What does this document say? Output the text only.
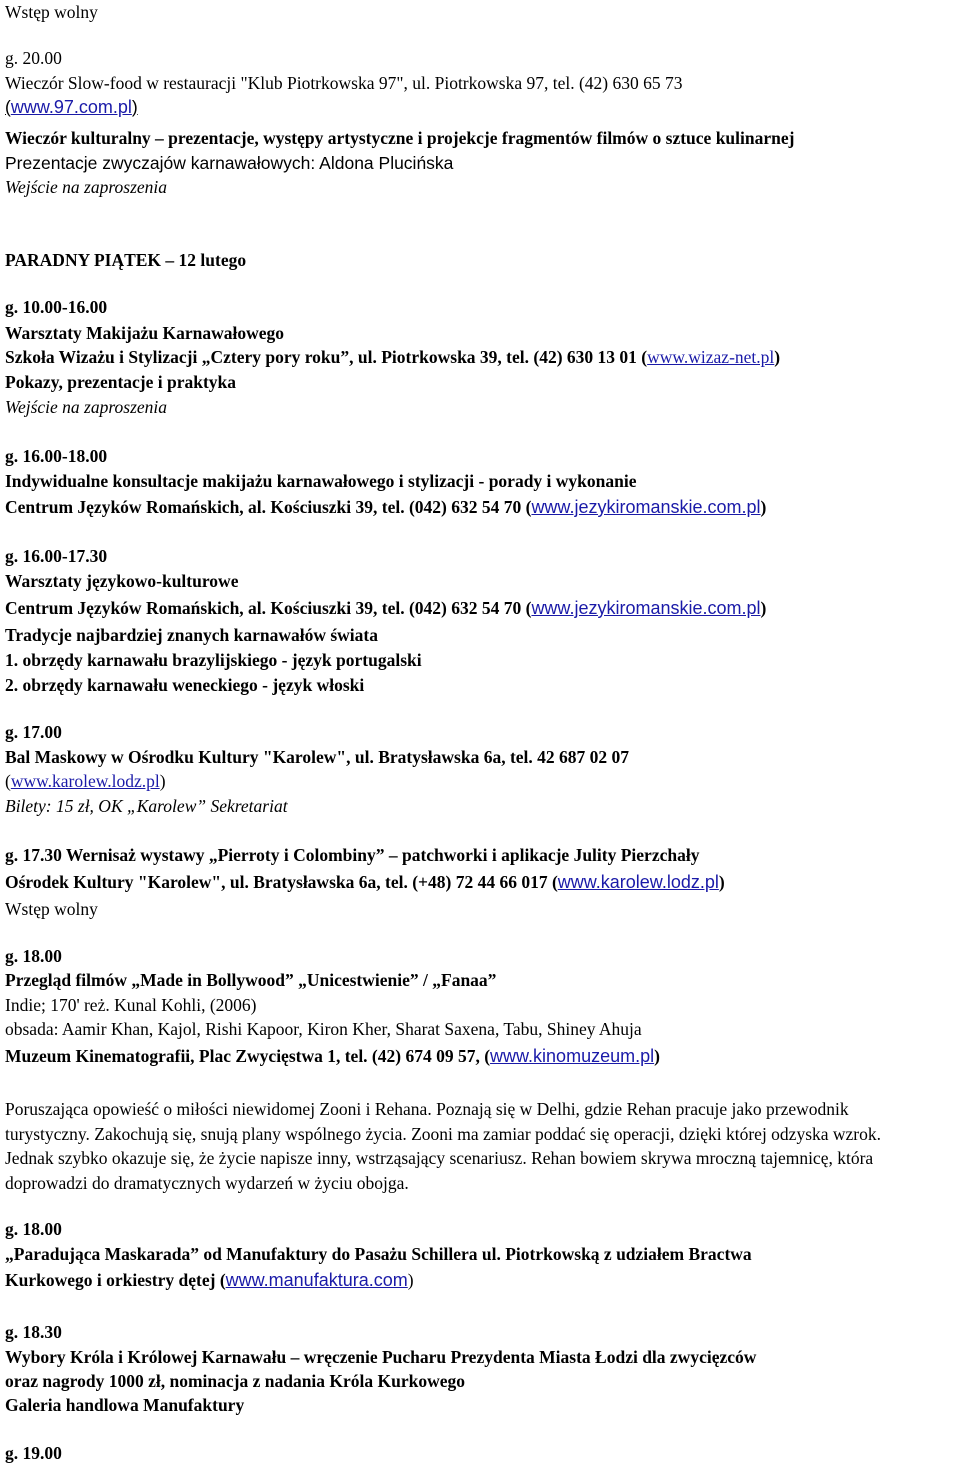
Wstęp wolny
g. 20.00
Wieczór Slow-food w restauracji "Klub Piotrkowska 97", ul. Piotrkowska 97, tel. (42) 630 65 73
(www.97.com.pl)
Wieczór kulturalny – prezentacje, występy artystyczne i projekcje fragmentów filmów o sztuce kulinarnej
Prezentacje zwyczajów karnawałowych: Aldona Plucińska
Wejście na zaproszenia
PARADNY PIĄTEK – 12 lutego
g. 10.00-16.00
Warsztaty Makijażu Karnawałowego
Szkoła Wizażu i Stylizacji „Cztery pory roku”, ul. Piotrkowska 39, tel. (42) 630 13 01 (www.wizaz-net.pl)
Pokazy, prezentacje i praktyka
Wejście na zaproszenia
g. 16.00-18.00
Indywidualne konsultacje makijażu karnawałowego i stylizacji - porady i wykonanie
Centrum Języków Romańskich, al. Kościuszki 39, tel. (042) 632 54 70 (www.jezykiromanskie.com.pl)
g. 16.00-17.30
Warsztaty językowo-kulturowe
Centrum Języków Romańskich, al. Kościuszki 39, tel. (042) 632 54 70 (www.jezykiromanskie.com.pl)
Tradycje najbardziej znanych karnawałów świata
1. obrzędy karnawału brazylijskiego - język portugalski
2. obrzędy karnawału weneckiego - język włoski
g. 17.00
Bal Maskowy w Ośrodku Kultury "Karolew", ul. Bratysławska 6a, tel. 42 687 02 07
(www.karolew.lodz.pl)
Bilety: 15 zł, OK „Karolew” Sekretariat
g. 17.30 Wernisaż wystawy „Pierroty i Colombiny” – patchworki i aplikacje Julity Pierzchały
Ośrodek Kultury "Karolew", ul. Bratysławska 6a, tel. (+48) 72 44 66 017 (www.karolew.lodz.pl)
Wstęp wolny
g. 18.00
Przegląd filmów „Made in Bollywood” „Unicestwienie” / „Fanaa”
Indie; 170' reż. Kunal Kohli, (2006)
obsada: Aamir Khan, Kajol, Rishi Kapoor, Kiron Kher, Sharat Saxena, Tabu, Shiney Ahuja
Muzeum Kinematografii, Plac Zwycięstwa 1, tel. (42) 674 09 57, (www.kinomuzeum.pl)
Poruszająca opowieść o miłości niewidomej Zooni i Rehana. Poznają się w Delhi, gdzie Rehan pracuje jako przewodnik turystyczny. Zakochują się, snują plany wspólnego życia. Zooni ma zamiar poddać się operacji, dzięki której odzyska wzrok. Jednak szybko okazuje się, że życie napisze inny, wstrząsający scenariusz. Rehan bowiem skrywa mroczną tajemnicę, która doprowadzi do dramatycznych wydarzeń w życiu obojga.
g. 18.00
„Paradująca Maskarada” od Manufaktury do Pasażu Schillera ul. Piotrkowską z udziałem Bractwa
Kurkowego i orkiestry dętej (www.manufaktura.com)
g. 18.30
Wybory Króla i Królowej Karnawału – wręczenie Pucharu Prezydenta Miasta Łodzi dla zwycięzców
oraz nagrody 1000 zł, nominacja z nadania Króla Kurkowego
Galeria handlowa Manufaktury
g. 19.00
